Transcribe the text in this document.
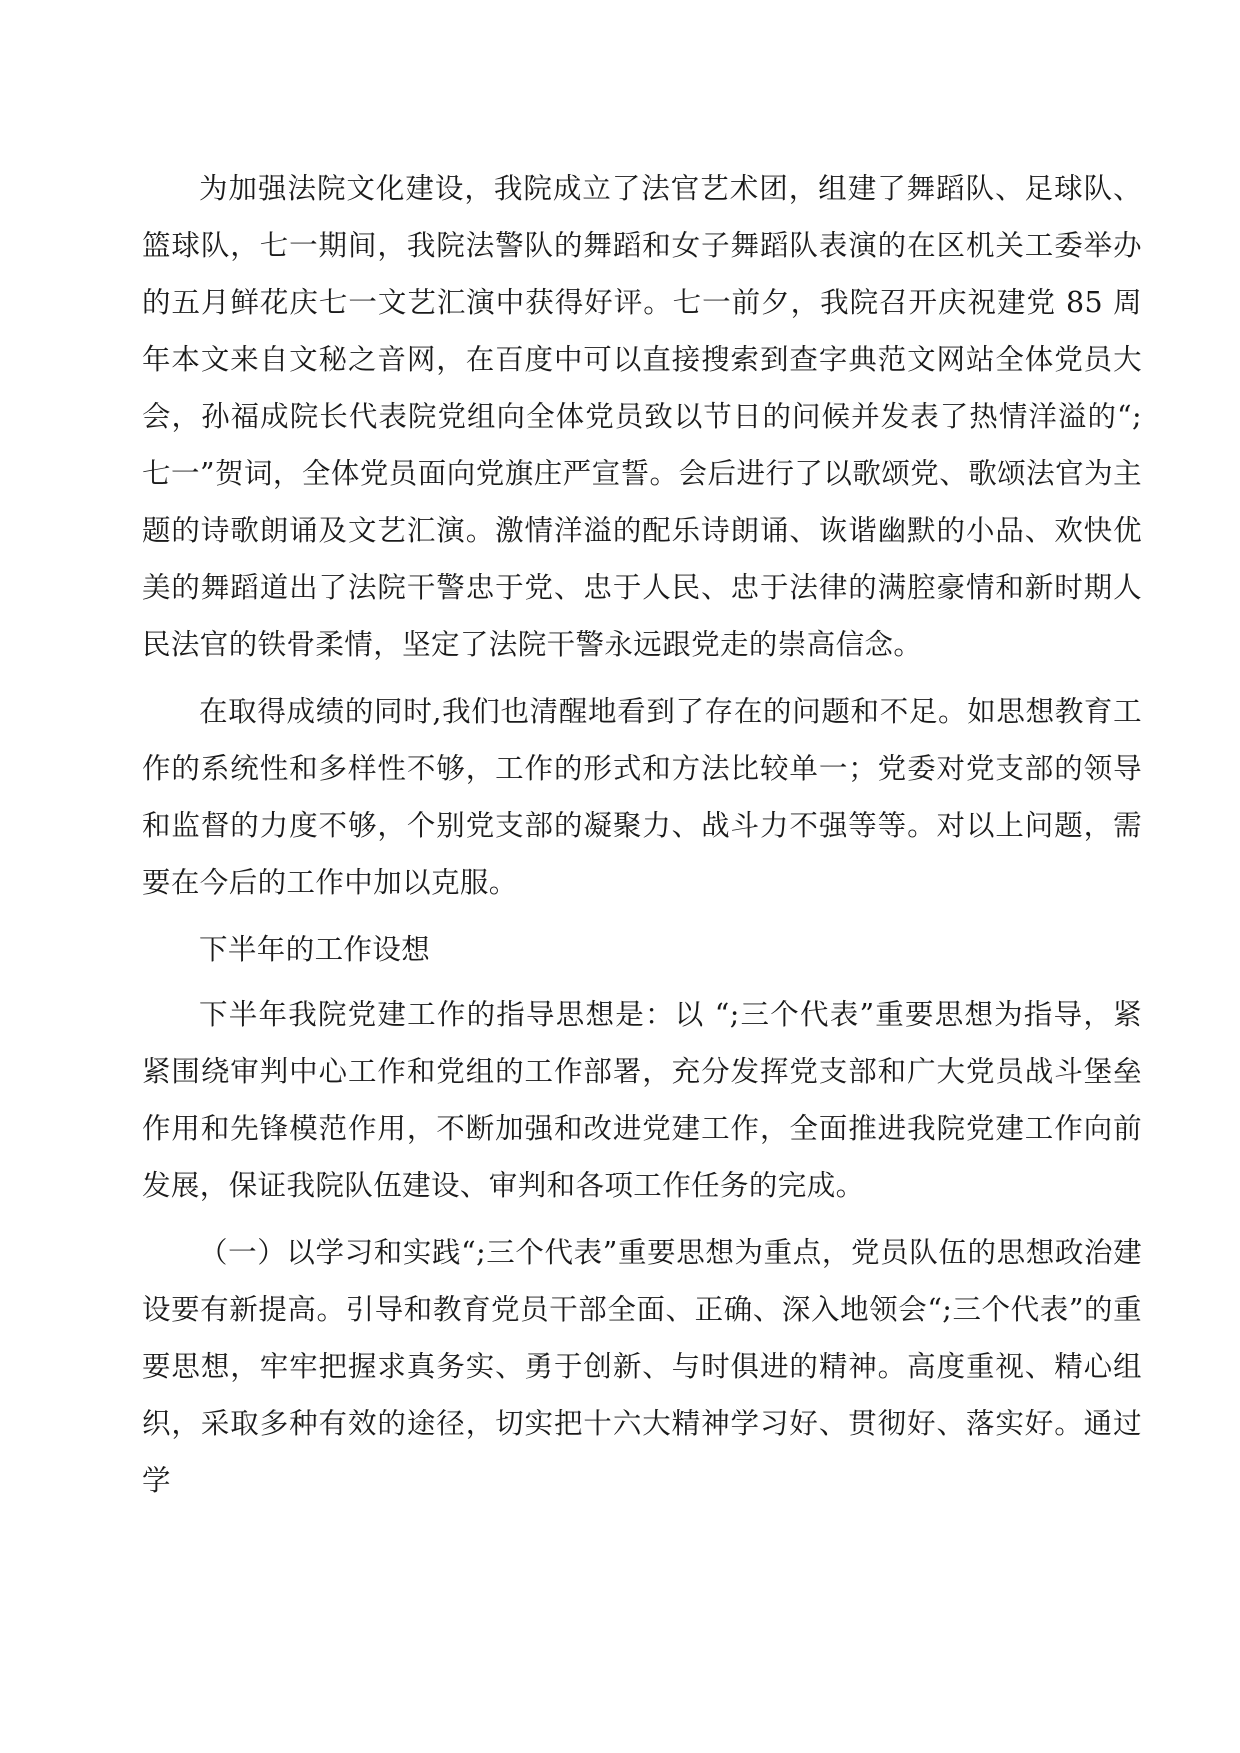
为加强法院文化建设，我院成立了法官艺术团，组建了舞蹈队、足球队、篮球队，七一期间，我院法警队的舞蹈和女子舞蹈队表演的在区机关工委举办的五月鲜花庆七一文艺汇演中获得好评。七一前夕，我院召开庆祝建党 85 周年本文来自文秘之音网，在百度中可以直接搜索到查字典范文网站全体党员大会，孙福成院长代表院党组向全体党员致以节日的问候并发表了热情洋溢的“;七一”贺词，全体党员面向党旗庄严宣誓。会后进行了以歌颂党、歌颂法官为主题的诗歌朗诵及文艺汇演。激情洋溢的配乐诗朗诵、诙谐幽默的小品、欢快优美的舞蹈道出了法院干警忠于党、忠于人民、忠于法律的满腔豪情和新时期人民法官的铁骨柔情，坚定了法院干警永远跟党走的崇高信念。

在取得成绩的同时,我们也清醒地看到了存在的问题和不足。如思想教育工作的系统性和多样性不够，工作的形式和方法比较单一；党委对党支部的领导和监督的力度不够，个别党支部的凝聚力、战斗力不强等等。对以上问题，需要在今后的工作中加以克服。

下半年的工作设想

下半年我院党建工作的指导思想是：以 “;三个代表”重要思想为指导，紧紧围绕审判中心工作和党组的工作部署，充分发挥党支部和广大党员战斗堡垒作用和先锋模范作用，不断加强和改进党建工作，全面推进我院党建工作向前发展，保证我院队伍建设、审判和各项工作任务的完成。

（一）以学习和实践“;三个代表”重要思想为重点，党员队伍的思想政治建设要有新提高。引导和教育党员干部全面、正确、深入地领会“;三个代表”的重要思想，牢牢把握求真务实、勇于创新、与时俱进的精神。高度重视、精心组织，采取多种有效的途径，切实把十六大精神学习好、贯彻好、落实好。通过学
